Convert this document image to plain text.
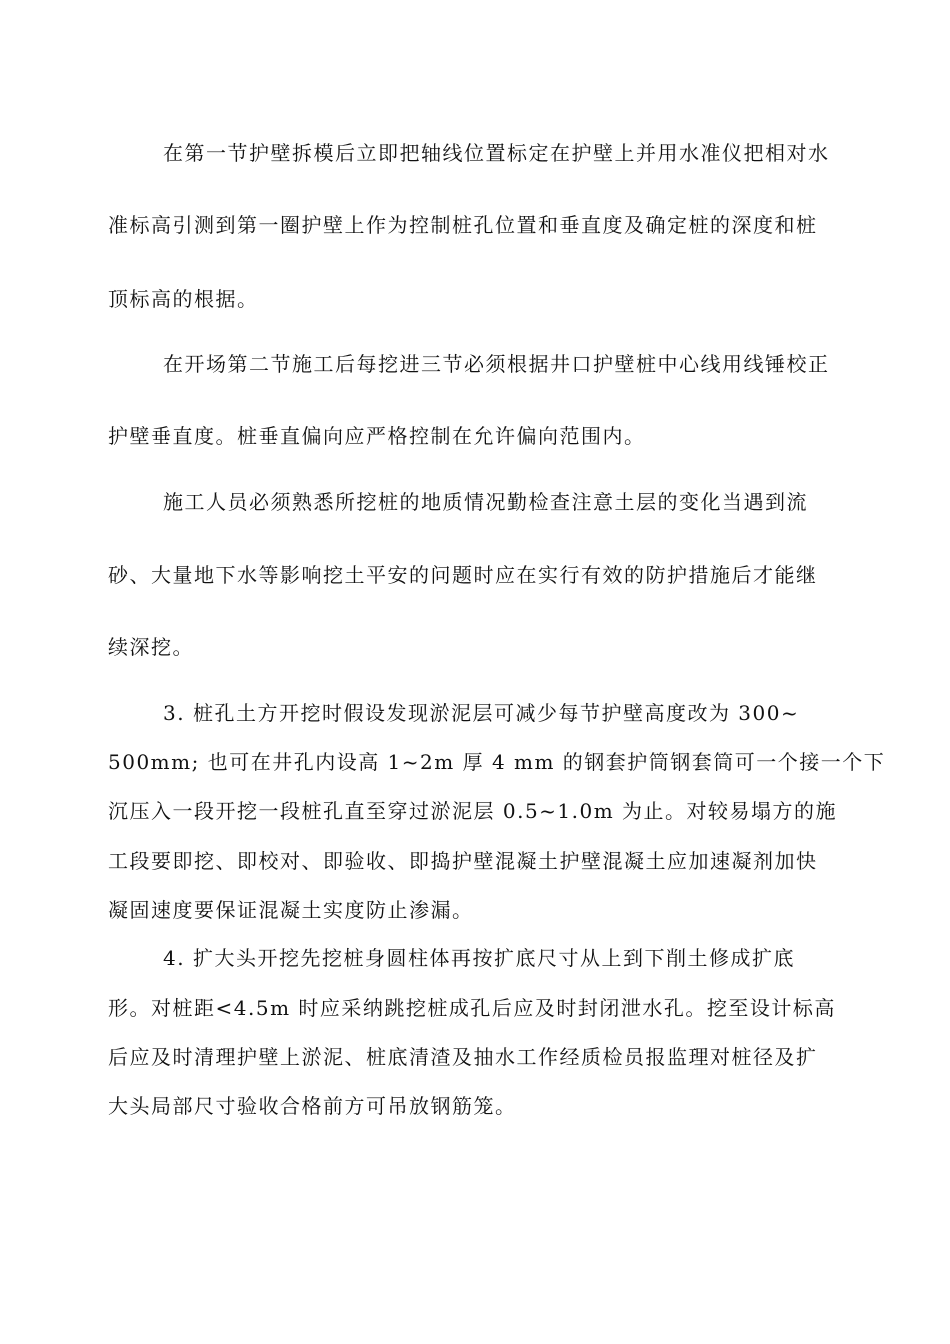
在第一节护壁拆模后立即把轴线位置标定在护壁上并用水准仪把相对水
准标高引测到第一圈护壁上作为控制桩孔位置和垂直度及确定桩的深度和桩
顶标高的根据。
在开场第二节施工后每挖进三节必须根据井口护壁桩中心线用线锤校正
护壁垂直度。桩垂直偏向应严格控制在允许偏向范围内。
施工人员必须熟悉所挖桩的地质情况勤检查注意土层的变化当遇到流
砂、大量地下水等影响挖土平安的问题时应在实行有效的防护措施后才能继
续深挖。
3. 桩孔土方开挖时假设发现淤泥层可减少每节护壁高度改为 300~
500mm; 也可在井孔内设高 1~2m 厚 4 mm 的钢套护筒钢套筒可一个接一个下
沉压入一段开挖一段桩孔直至穿过淤泥层 0.5~1.0m 为止。对较易塌方的施
工段要即挖、即校对、即验收、即捣护壁混凝土护壁混凝土应加速凝剂加快
凝固速度要保证混凝土实度防止渗漏。
4. 扩大头开挖先挖桩身圆柱体再按扩底尺寸从上到下削土修成扩底
形。对桩距<4.5m 时应采纳跳挖桩成孔后应及时封闭泄水孔。挖至设计标高
后应及时清理护壁上淤泥、桩底清渣及抽水工作经质检员报监理对桩径及扩
大头局部尺寸验收合格前方可吊放钢筋笼。
